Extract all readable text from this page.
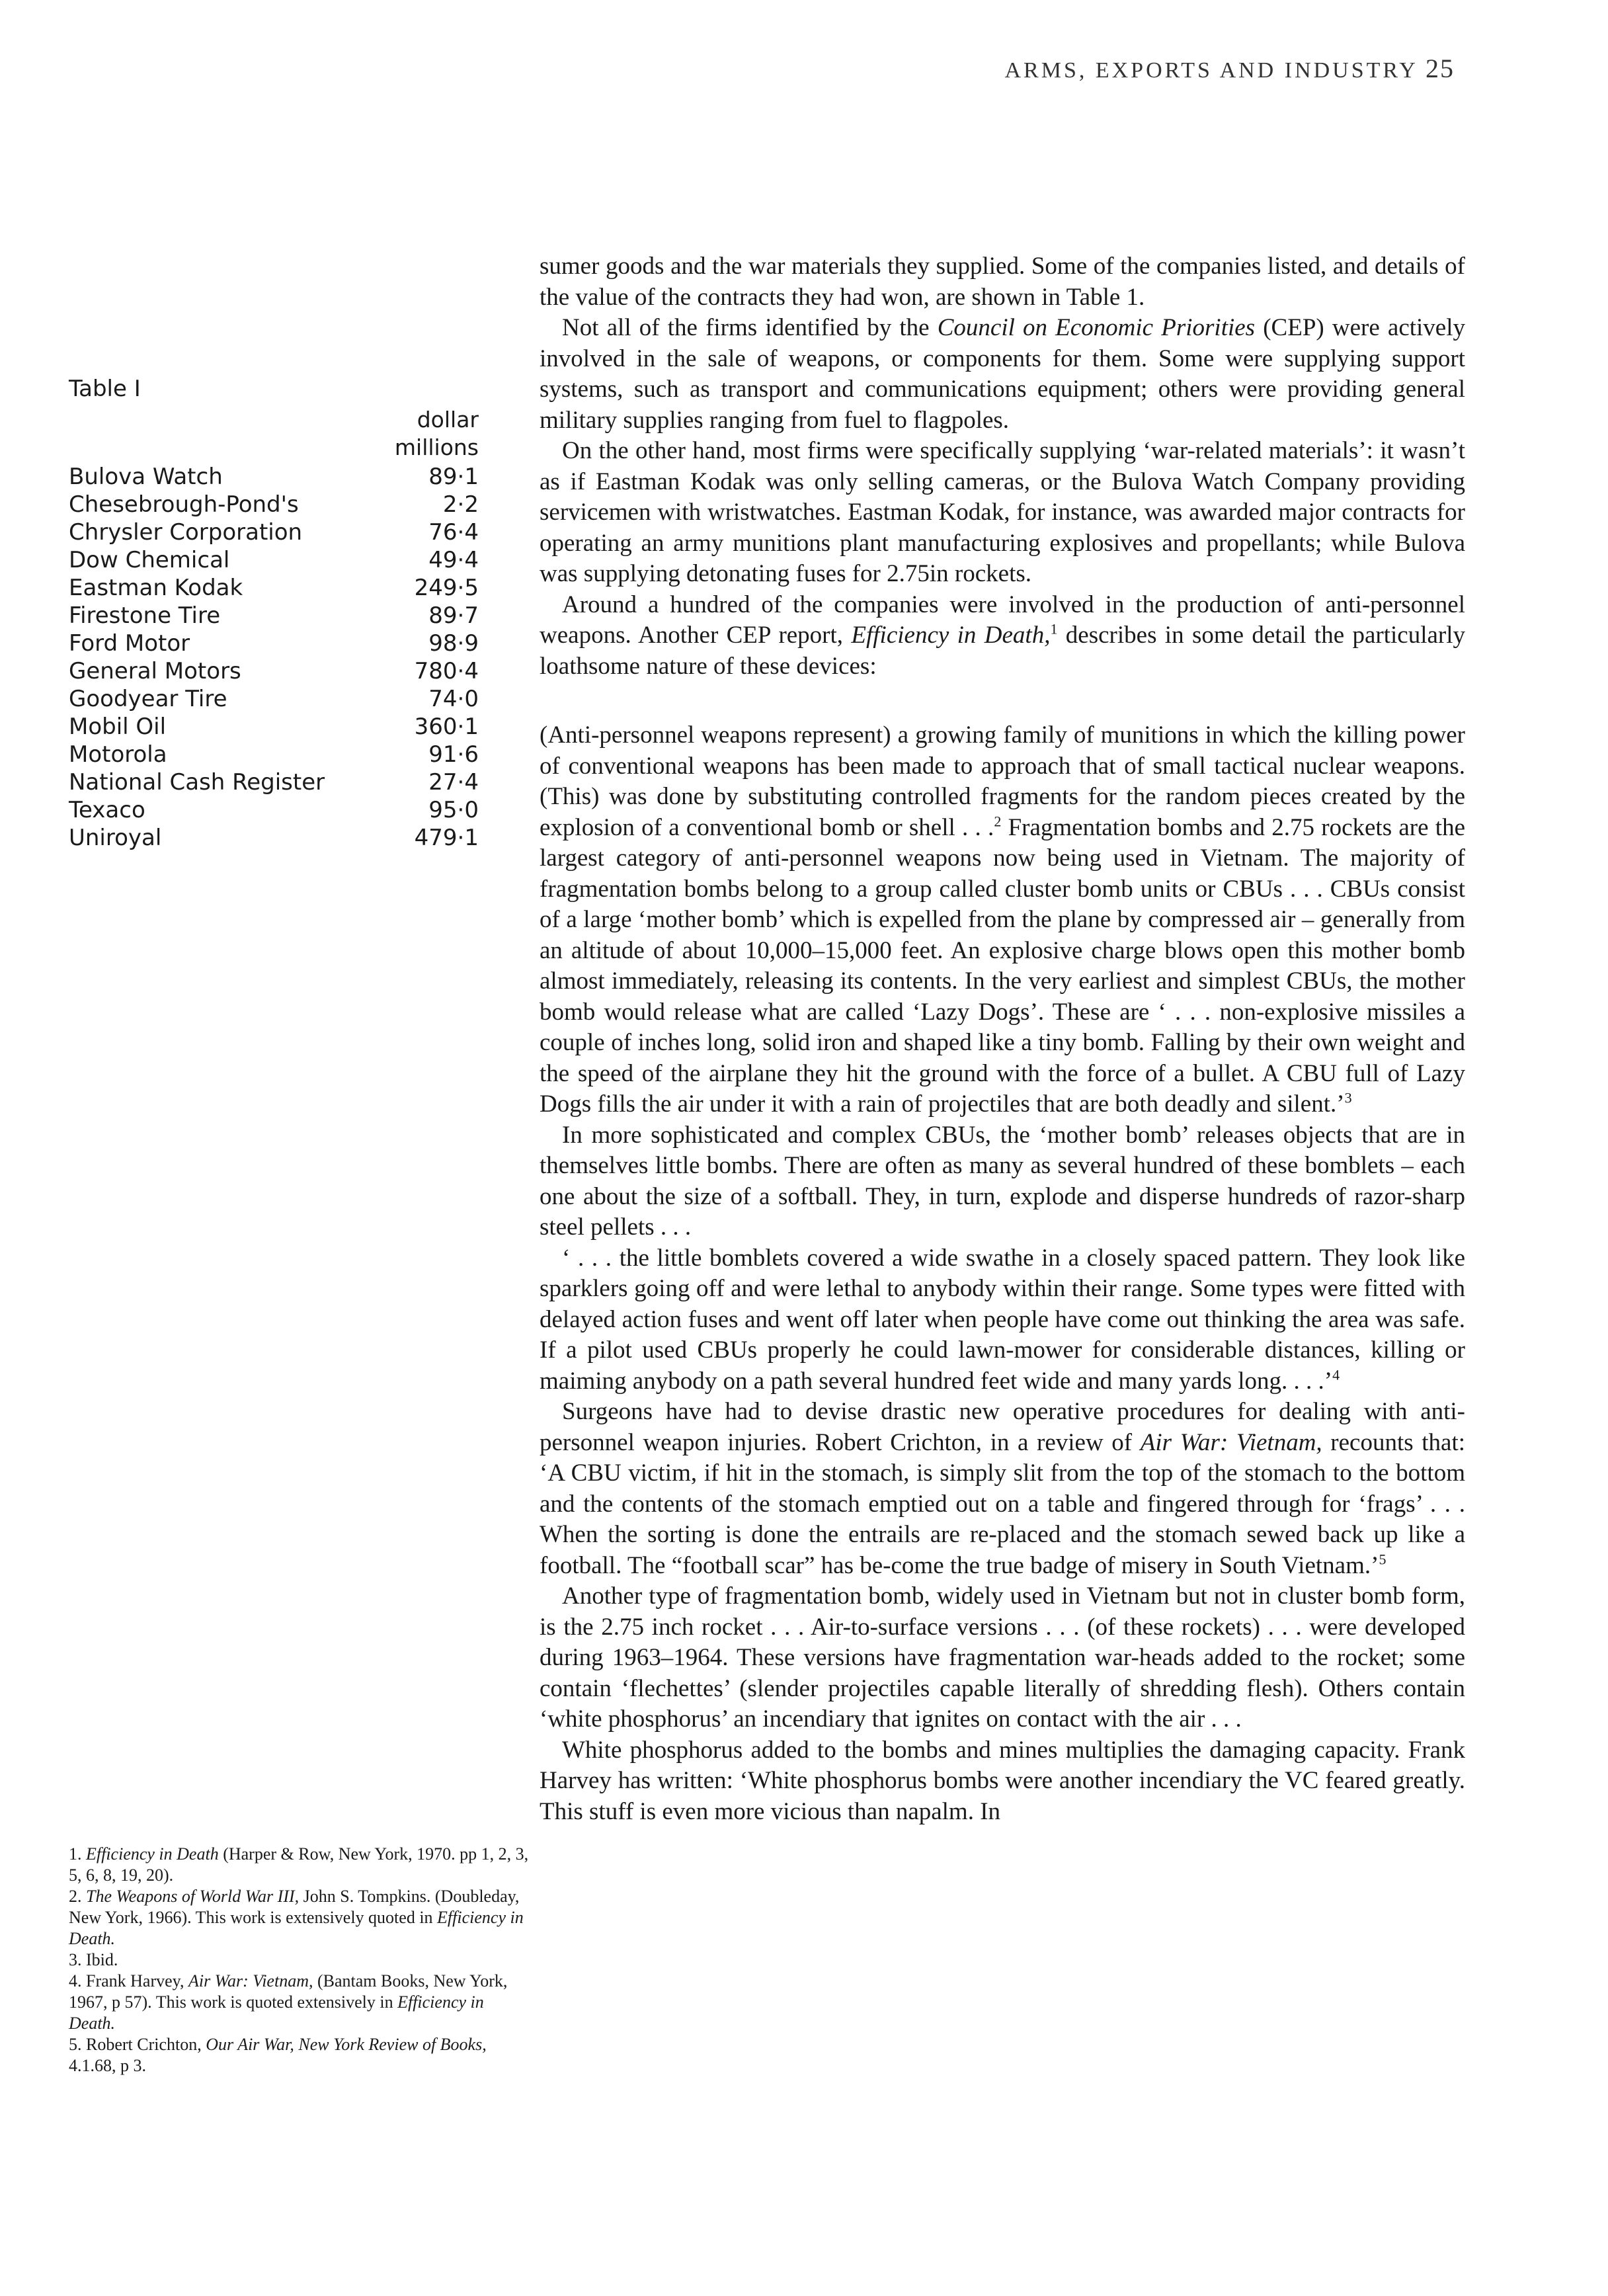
ARMS, EXPORTS AND INDUSTRY 25
Table I
dollar
millions
Bulova Watch	89·1
Chesebrough-Pond's	2·2
Chrysler Corporation	76·4
Dow Chemical	49·4
Eastman Kodak	249·5
Firestone Tire	89·7
Ford Motor	98·9
General Motors	780·4
Goodyear Tire	74·0
Mobil Oil	360·1
Motorola	91·6
National Cash Register	27·4
Texaco	95·0
Uniroyal	479·1

sumer goods and the war materials they supplied. Some of the companies listed, and details of the value of the contracts they had won, are shown in Table 1.

Not all of the firms identified by the Council on Economic Priorities (CEP) were actively involved in the sale of weapons, or components for them. Some were supplying support systems, such as transport and communications equipment; others were providing general military supplies ranging from fuel to flagpoles.

On the other hand, most firms were specifically supplying ‘war-related materials’: it wasn’t as if Eastman Kodak was only selling cameras, or the Bulova Watch Company providing servicemen with wristwatches. Eastman Kodak, for instance, was awarded major contracts for operating an army munitions plant manufacturing explosives and propellants; while Bulova was supplying detonating fuses for 2.75in rockets.

Around a hundred of the companies were involved in the production of anti-personnel weapons. Another CEP report, Efficiency in Death,$^1$ describes in some detail the particularly loathsome nature of these devices:

(Anti-personnel weapons represent) a growing family of munitions in which the killing power of conventional weapons has been made to approach that of small tactical nuclear weapons. (This) was done by substituting controlled fragments for the random pieces created by the explosion of a conventional bomb or shell . . .$^2$ Fragmentation bombs and 2.75 rockets are the largest category of anti-personnel weapons now being used in Vietnam. The majority of fragmentation bombs belong to a group called cluster bomb units or CBUs . . . CBUs consist of a large ‘mother bomb’ which is expelled from the plane by compressed air – generally from an altitude of about 10,000–15,000 feet. An explosive charge blows open this mother bomb almost immediately, releasing its contents. In the very earliest and simplest CBUs, the mother bomb would release what are called ‘Lazy Dogs’. These are ‘ . . . non-explosive missiles a couple of inches long, solid iron and shaped like a tiny bomb. Falling by their own weight and the speed of the airplane they hit the ground with the force of a bullet. A CBU full of Lazy Dogs fills the air under it with a rain of projectiles that are both deadly and silent.’$^3$

In more sophisticated and complex CBUs, the ‘mother bomb’ releases objects that are in themselves little bombs. There are often as many as several hundred of these bomblets – each one about the size of a softball. They, in turn, explode and disperse hundreds of razor-sharp steel pellets . . .

‘ . . . the little bomblets covered a wide swathe in a closely spaced pattern. They look like sparklers going off and were lethal to anybody within their range. Some types were fitted with delayed action fuses and went off later when people have come out thinking the area was safe. If a pilot used CBUs properly he could lawn-mower for considerable distances, killing or maiming anybody on a path several hundred feet wide and many yards long. . . .’$^4$

Surgeons have had to devise drastic new operative procedures for dealing with anti-personnel weapon injuries. Robert Crichton, in a review of Air War: Vietnam, recounts that: ‘A CBU victim, if hit in the stomach, is simply slit from the top of the stomach to the bottom and the contents of the stomach emptied out on a table and fingered through for ‘frags’ . . . When the sorting is done the entrails are re-placed and the stomach sewed back up like a football. The “football scar” has be-come the true badge of misery in South Vietnam.’$^5$

Another type of fragmentation bomb, widely used in Vietnam but not in cluster bomb form, is the 2.75 inch rocket . . . Air-to-surface versions . . . (of these rockets) . . . were developed during 1963–1964. These versions have fragmentation war-heads added to the rocket; some contain ‘flechettes’ (slender projectiles capable literally of shredding flesh). Others contain ‘white phosphorus’ an incendiary that ignites on contact with the air . . .

White phosphorus added to the bombs and mines multiplies the damaging capacity. Frank Harvey has written: ‘White phosphorus bombs were another incendiary the VC feared greatly. This stuff is even more vicious than napalm. In

1. Efficiency in Death (Harper & Row, New York, 1970. pp 1, 2, 3, 5, 6, 8, 19, 20).

2. The Weapons of World War III, John S. Tompkins. (Doubleday, New York, 1966). This work is extensively quoted in Efficiency in Death.

3. Ibid.

4. Frank Harvey, Air War: Vietnam, (Bantam Books, New York, 1967, p 57). This work is quoted extensively in Efficiency in Death.

5. Robert Crichton, Our Air War, New York Review of Books, 4.1.68, p 3.
